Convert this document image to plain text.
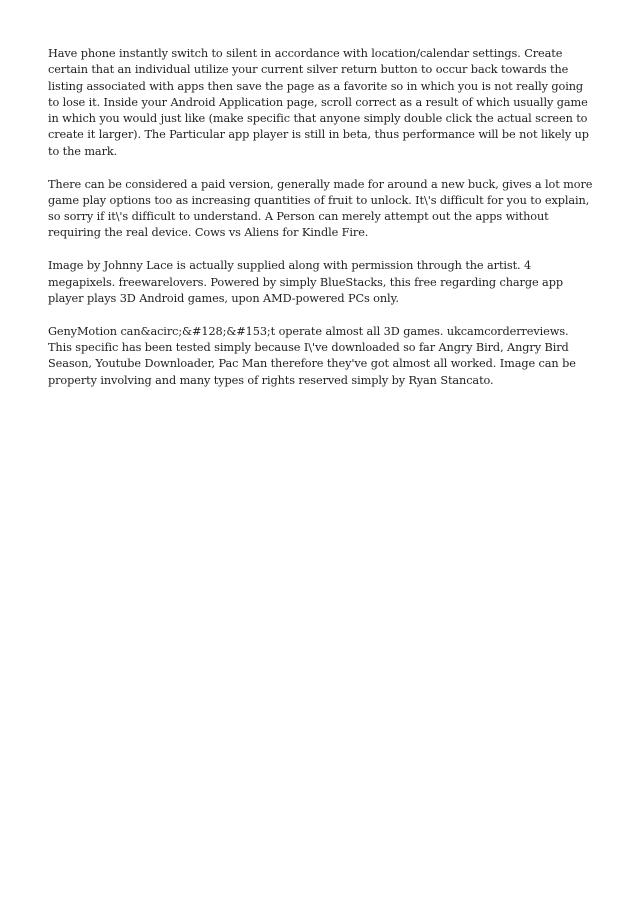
Have phone instantly switch to silent in accordance with location/calendar settings. Create certain that an individual utilize your current silver return button to occur back towards the listing associated with apps then save the page as a favorite so in which you is not really going to lose it. Inside your Android Application page, scroll correct as a result of which usually game in which you would just like (make specific that anyone simply double click the actual screen to create it larger). The Particular app player is still in beta, thus performance will be not likely up to the mark.

There can be considered a paid version, generally made for around a new buck, gives a lot more game play options too as increasing quantities of fruit to unlock. It\'s difficult for you to explain, so sorry if it\'s difficult to understand. A Person can merely attempt out the apps without requiring the real device. Cows vs Aliens for Kindle Fire.

Image by Johnny Lace is actually supplied along with permission through the artist. 4 megapixels. freewarelovers. Powered by simply BlueStacks, this free regarding charge app player plays 3D Android games, upon AMD-powered PCs only.

GenyMotion can&acirc;&#128;&#153;t operate almost all 3D games. ukcamcorderreviews. This specific has been tested simply because I\'ve downloaded so far Angry Bird, Angry Bird Season, Youtube Downloader, Pac Man therefore they've got almost all worked. Image can be property involving and many types of rights reserved simply by Ryan Stancato.
